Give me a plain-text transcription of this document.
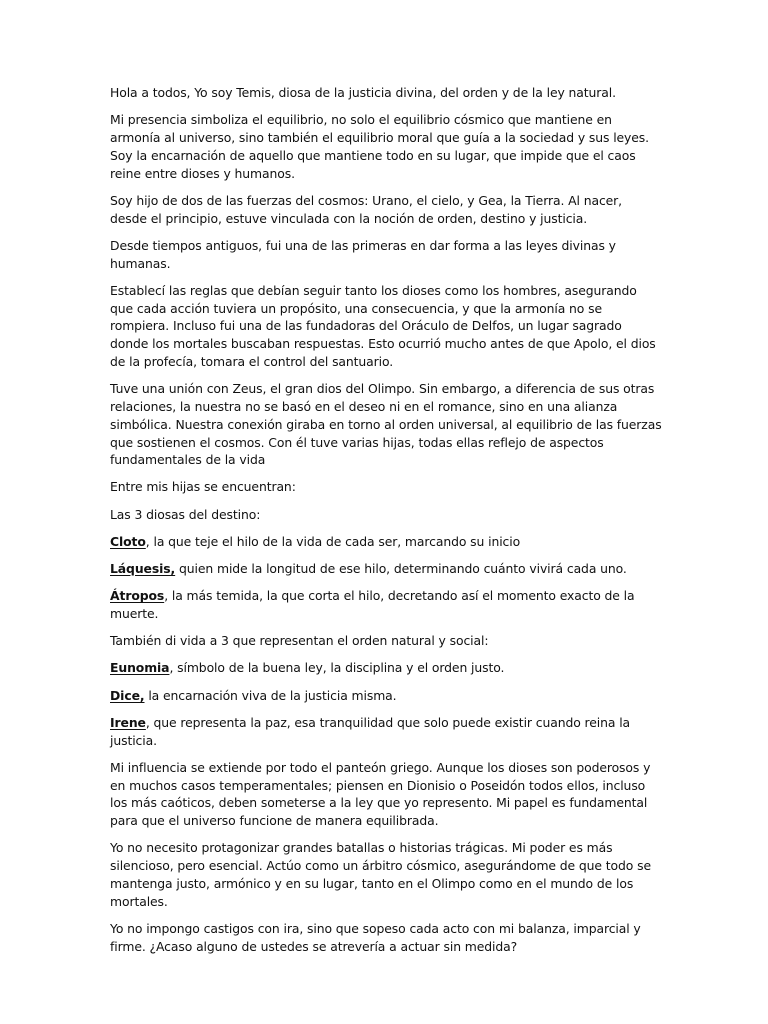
Hola a todos, Yo soy Temis, diosa de la justicia divina, del orden y de la ley natural.

Mi presencia simboliza el equilibrio, no solo el equilibrio cósmico que mantiene en armonía al universo, sino también el equilibrio moral que guía a la sociedad y sus leyes. Soy la encarnación de aquello que mantiene todo en su lugar, que impide que el caos reine entre dioses y humanos.

Soy hijo de dos de las fuerzas del cosmos: Urano, el cielo, y Gea, la Tierra. Al nacer, desde el principio, estuve vinculada con la noción de orden, destino y justicia.

Desde tiempos antiguos, fui una de las primeras en dar forma a las leyes divinas y humanas.

Establecí las reglas que debían seguir tanto los dioses como los hombres, asegurando que cada acción tuviera un propósito, una consecuencia, y que la armonía no se rompiera. Incluso fui una de las fundadoras del Oráculo de Delfos, un lugar sagrado donde los mortales buscaban respuestas. Esto ocurrió mucho antes de que Apolo, el dios de la profecía, tomara el control del santuario.

Tuve una unión con Zeus, el gran dios del Olimpo. Sin embargo, a diferencia de sus otras relaciones, la nuestra no se basó en el deseo ni en el romance, sino en una alianza simbólica. Nuestra conexión giraba en torno al orden universal, al equilibrio de las fuerzas que sostienen el cosmos. Con él tuve varias hijas, todas ellas reflejo de aspectos fundamentales de la vida

Entre mis hijas se encuentran:

Las 3 diosas del destino:

Cloto, la que teje el hilo de la vida de cada ser, marcando su inicio

Láquesis, quien mide la longitud de ese hilo, determinando cuánto vivirá cada uno.

Átropos, la más temida, la que corta el hilo, decretando así el momento exacto de la muerte.

También di vida a 3 que representan el orden natural y social:

Eunomia, símbolo de la buena ley, la disciplina y el orden justo.

Dice, la encarnación viva de la justicia misma.

Irene, que representa la paz, esa tranquilidad que solo puede existir cuando reina la justicia.

Mi influencia se extiende por todo el panteón griego. Aunque los dioses son poderosos y en muchos casos temperamentales; piensen en Dionisio o Poseidón todos ellos, incluso los más caóticos, deben someterse a la ley que yo represento. Mi papel es fundamental para que el universo funcione de manera equilibrada.

Yo no necesito protagonizar grandes batallas o historias trágicas. Mi poder es más silencioso, pero esencial. Actúo como un árbitro cósmico, asegurándome de que todo se mantenga justo, armónico y en su lugar, tanto en el Olimpo como en el mundo de los mortales.

Yo no impongo castigos con ira, sino que sopeso cada acto con mi balanza, imparcial y firme. ¿Acaso alguno de ustedes se atrevería a actuar sin medida?
